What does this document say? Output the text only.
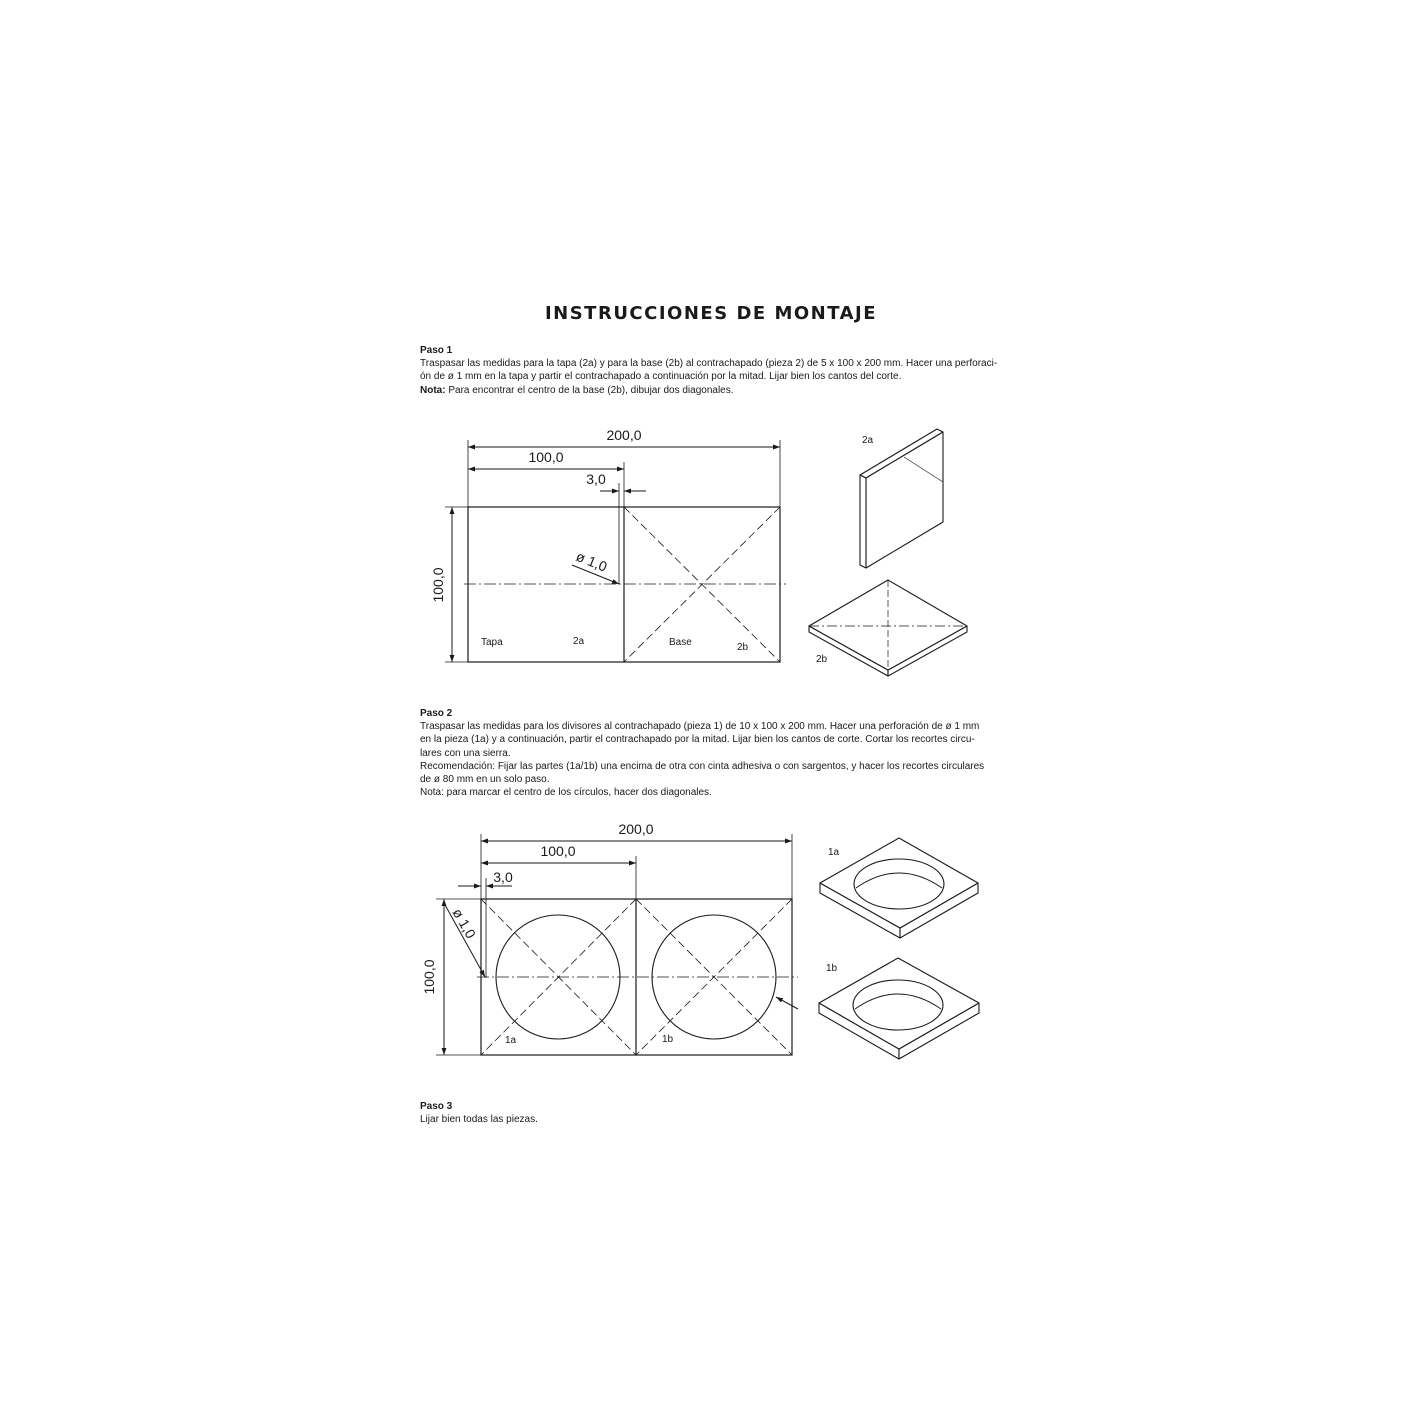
INSTRUCCIONES DE MONTAJE

Paso 1

Traspasar las medidas para la tapa (2a) y para la base (2b) al contrachapado (pieza 2) de 5 x 100 x 200 mm. Hacer una perforaci-

ón de ø 1 mm en la tapa y partir el contrachapado a continuación por la mitad. Lijar bien los cantos del corte.

Nota: Para encontrar el centro de la base (2b), dibujar dos diagonales.

Paso 2

Traspasar las medidas para los divisores al contrachapado (pieza 1) de 10 x 100 x 200 mm. Hacer una perforación de ø 1 mm

en la pieza (1a) y a continuación, partir el contrachapado por la mitad. Lijar bien los cantos de corte. Cortar los recortes circu-

lares con una sierra.

Recomendación: Fijar las partes (1a/1b) una encima de otra con cinta adhesiva o con sargentos, y hacer los recortes circulares

de ø 80 mm en un solo paso.

Nota: para marcar el centro de los círculos, hacer dos diagonales.

Paso 3

Lijar bien todas las piezas.

200,0
100,0
3,0
ø 1,0
100,0
Tapa	2a	Base	2b
2a
2b
200,0
100,0
3,0
ø 1,0
100,0
1a	1b
1a
1b
